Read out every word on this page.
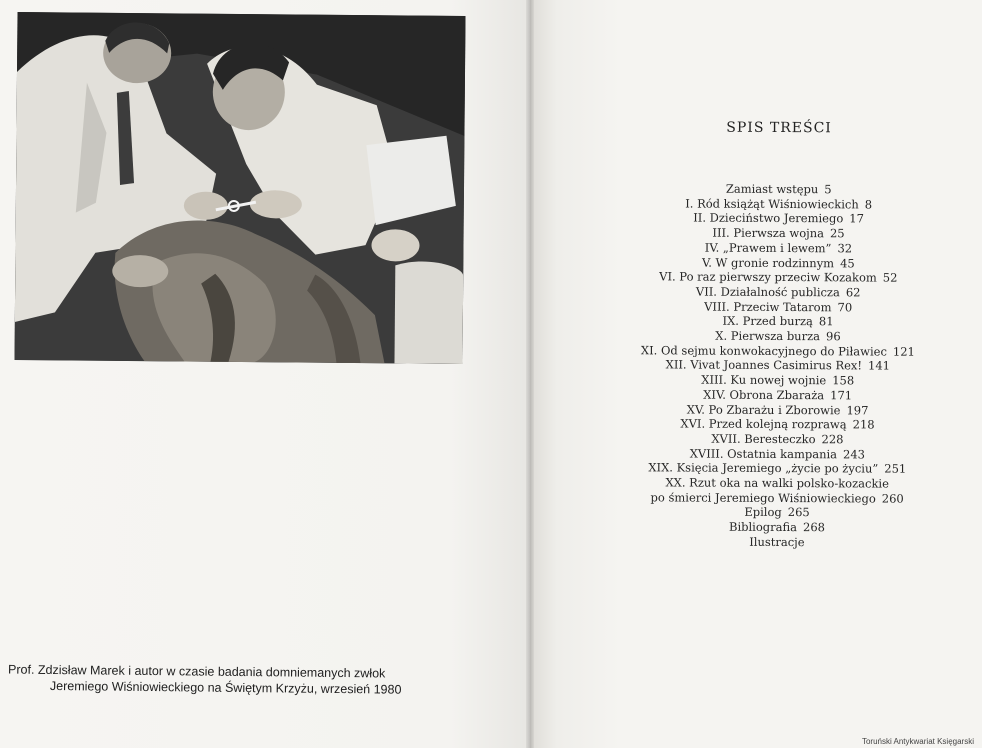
Prof. Zdzisław Marek i autor w czasie badania domniemanych zwłok
Jeremiego Wiśniowieckiego na Świętym Krzyżu, wrzesień 1980
SPIS TREŚCI
Zamiast wstępu 5
I. Ród książąt Wiśniowieckich 8
II. Dzieciństwo Jeremiego 17
III. Pierwsza wojna 25
IV. „Prawem i lewem” 32
V. W gronie rodzinnym 45
VI. Po raz pierwszy przeciw Kozakom 52
VII. Działalność publicza 62
VIII. Przeciw Tatarom 70
IX. Przed burzą 81
X. Pierwsza burza 96
XI. Od sejmu konwokacyjnego do Piławiec 121
XII. Vivat Joannes Casimirus Rex! 141
XIII. Ku nowej wojnie 158
XIV. Obrona Zbaraża 171
XV. Po Zbarażu i Zborowie 197
XVI. Przed kolejną rozprawą 218
XVII. Beresteczko 228
XVIII. Ostatnia kampania 243
XIX. Księcia Jeremiego „życie po życiu” 251
XX. Rzut oka na walki polsko-kozackie
po śmierci Jeremiego Wiśniowieckiego 260
Epilog 265
Bibliografia 268
Ilustracje
Toruński Antykwariat Księgarski
